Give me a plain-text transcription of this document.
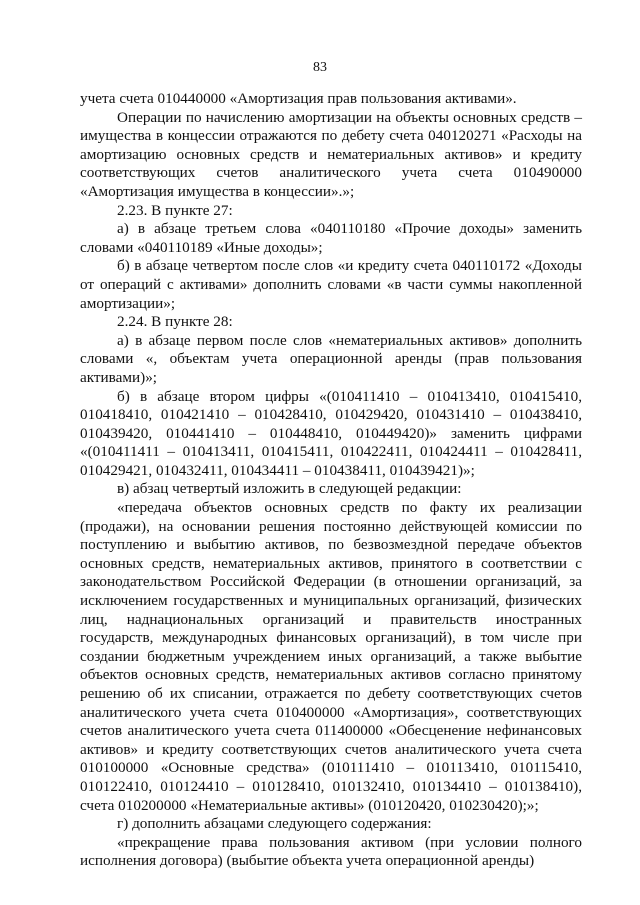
83

учета счета 010440000 «Амортизация прав пользования активами».

Операции по начислению амортизации на объекты основных средств – имущества в концессии отражаются по дебету счета 040120271 «Расходы на амортизацию основных средств и нематериальных активов» и кредиту соответствующих счетов аналитического учета счета 010490000 «Амортизация имущества в концессии».»;

2.23. В пункте 27:

а) в абзаце третьем слова «040110180 «Прочие доходы» заменить словами «040110189 «Иные доходы»;

б) в абзаце четвертом после слов «и кредиту счета 040110172 «Доходы от операций с активами» дополнить словами «в части суммы накопленной амортизации»;

2.24. В пункте 28:

а) в абзаце первом после слов «нематериальных активов» дополнить словами «, объектам учета операционной аренды (прав пользования активами)»;

б) в абзаце втором цифры «(010411410 – 010413410, 010415410, 010418410, 010421410 – 010428410, 010429420, 010431410 – 010438410, 010439420, 010441410 – 010448410, 010449420)» заменить цифрами «(010411411 – 010413411, 010415411, 010422411, 010424411 – 010428411, 010429421, 010432411, 010434411 – 010438411, 010439421)»;

в) абзац четвертый изложить в следующей редакции:

«передача объектов основных средств по факту их реализации (продажи), на основании решения постоянно действующей комиссии по поступлению и выбытию активов, по безвозмездной передаче объектов основных средств, нематериальных активов, принятого в соответствии с законодательством Российской Федерации (в отношении организаций, за исключением государственных и муниципальных организаций, физических лиц, наднациональных организаций и правительств иностранных государств, международных финансовых организаций), в том числе при создании бюджетным учреждением иных организаций, а также выбытие объектов основных средств, нематериальных активов согласно принятому решению об их списании, отражается по дебету соответствующих счетов аналитического учета счета 010400000 «Амортизация», соответствующих счетов аналитического учета счета 011400000 «Обесценение нефинансовых активов» и кредиту соответствующих счетов аналитического учета счета 010100000 «Основные средства» (010111410 – 010113410, 010115410, 010122410, 010124410 – 010128410, 010132410, 010134410 – 010138410), счета 010200000 «Нематериальные активы» (010120420, 010230420);»;

г) дополнить абзацами следующего содержания:

«прекращение права пользования активом (при условии полного исполнения договора) (выбытие объекта учета операционной аренды)
